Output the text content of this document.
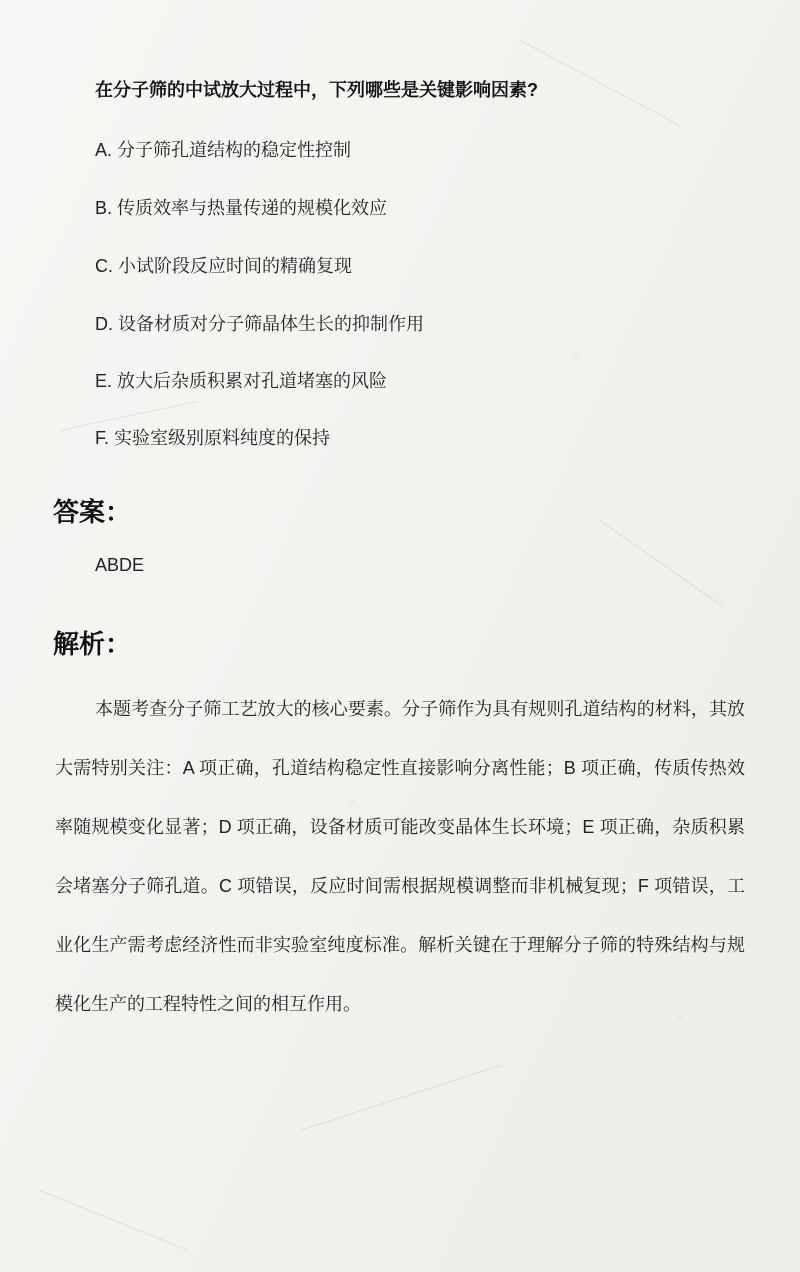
在分子筛的中试放大过程中，下列哪些是关键影响因素?
A. 分子筛孔道结构的稳定性控制
B. 传质效率与热量传递的规模化效应
C. 小试阶段反应时间的精确复现
D. 设备材质对分子筛晶体生长的抑制作用
E. 放大后杂质积累对孔道堵塞的风险
F. 实验室级别原料纯度的保持
答案：
ABDE
解析：

本题考查分子筛工艺放大的核心要素。分子筛作为具有规则孔道结构的材料，其放大需特别关注：A 项正确，孔道结构稳定性直接影响分离性能；B 项正确，传质传热效率随规模变化显著；D 项正确，设备材质可能改变晶体生长环境；E 项正确，杂质积累会堵塞分子筛孔道。C 项错误，反应时间需根据规模调整而非机械复现；F 项错误，工业化生产需考虑经济性而非实验室纯度标准。解析关键在于理解分子筛的特殊结构与规模化生产的工程特性之间的相互作用。
